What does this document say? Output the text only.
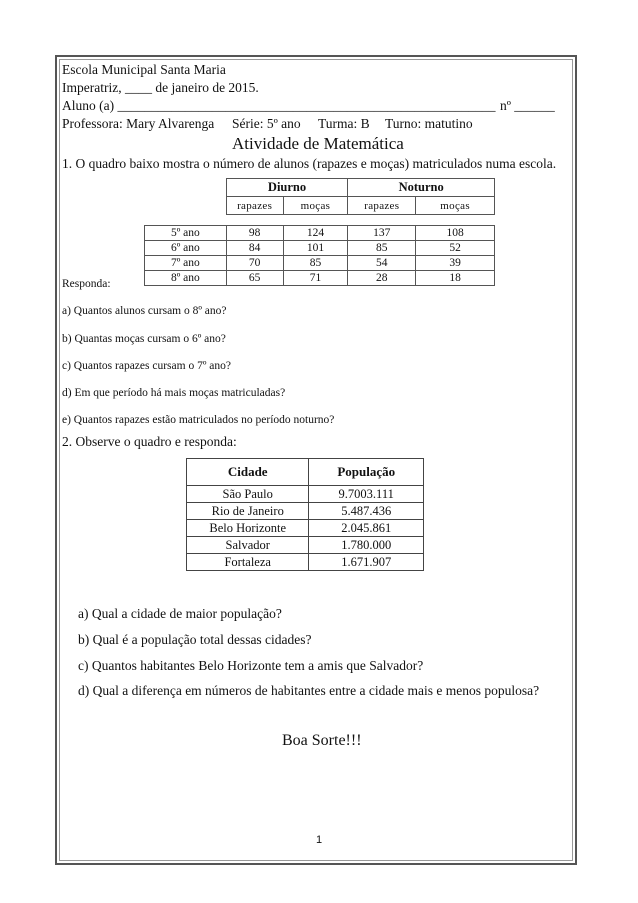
Escola Municipal Santa Maria
Imperatriz, ____ de janeiro de 2015.
Aluno (a) ________________________________________________________ nº ______
Professora: Mary Alvarenga Série: 5º ano Turma: B Turno: matutino
Atividade de Matemática
1. O quadro baixo mostra o número de alunos (rapazes e moças) matriculados numa escola.
	Diurno		Noturno	
	rapazes	moças	rapazes	moças

5º ano	98	124	137	108
6º ano	84	101	85	52
7º ano	70	85	54	39
8º ano	65	71	28	18
Responda:
a) Quantos alunos cursam o 8º ano?
b) Quantas moças cursam o 6º ano?
c) Quantos rapazes cursam o 7º ano?
d) Em que período há mais moças matriculadas?
e) Quantos rapazes estão matriculados no período noturno?
2. Observe o quadro e responda:
Cidade	População
São Paulo	9.7003.111
Rio de Janeiro	5.487.436
Belo Horizonte	2.045.861
Salvador	1.780.000
Fortaleza	1.671.907
a) Qual a cidade de maior população?
b) Qual é a população total dessas cidades?
c) Quantos habitantes Belo Horizonte tem a amis que Salvador?
d) Qual a diferença em números de habitantes entre a cidade mais e menos populosa?
Boa Sorte!!!
1
